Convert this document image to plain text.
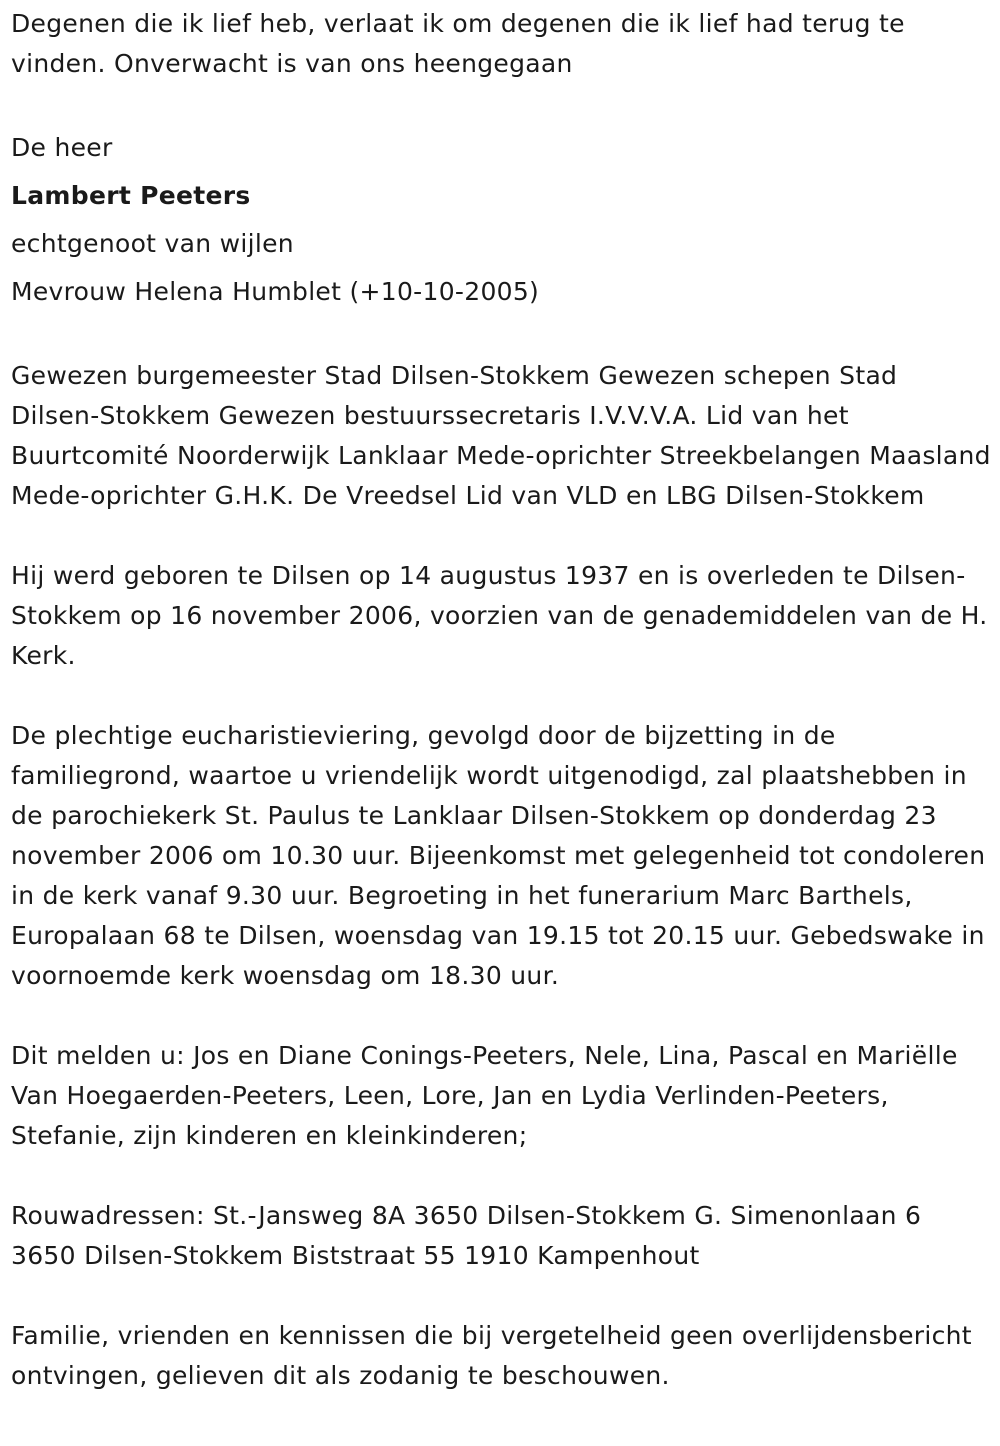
Degenen die ik lief heb, verlaat ik om degenen die ik lief had terug te vinden. Onverwacht is van ons heengegaan

De heer

Lambert Peeters

echtgenoot van wijlen

Mevrouw Helena Humblet (+10-10-2005)

Gewezen burgemeester Stad Dilsen-Stokkem Gewezen schepen Stad Dilsen-Stokkem Gewezen bestuurssecretaris I.V.V.V.A. Lid van het Buurtcomité Noorderwijk Lanklaar Mede-oprichter Streekbelangen Maasland Mede-oprichter G.H.K. De Vreedsel Lid van VLD en LBG Dilsen-Stokkem

Hij werd geboren te Dilsen op 14 augustus 1937 en is overleden te Dilsen-Stokkem op 16 november 2006, voorzien van de genademiddelen van de H. Kerk.

De plechtige eucharistieviering, gevolgd door de bijzetting in de familiegrond, waartoe u vriendelijk wordt uitgenodigd, zal plaatshebben in de parochiekerk St. Paulus te Lanklaar Dilsen-Stokkem op donderdag 23 november 2006 om 10.30 uur. Bijeenkomst met gelegenheid tot condoleren in de kerk vanaf 9.30 uur. Begroeting in het funerarium Marc Barthels, Europalaan 68 te Dilsen, woensdag van 19.15 tot 20.15 uur. Gebedswake in voornoemde kerk woensdag om 18.30 uur.

Dit melden u: Jos en Diane Conings-Peeters, Nele, Lina, Pascal en Mariëlle Van Hoegaerden-Peeters, Leen, Lore, Jan en Lydia Verlinden-Peeters, Stefanie, zijn kinderen en kleinkinderen;

Rouwadressen: St.-Jansweg 8A 3650 Dilsen-Stokkem G. Simenonlaan 6 3650 Dilsen-Stokkem Biststraat 55 1910 Kampenhout

Familie, vrienden en kennissen die bij vergetelheid geen overlijdensbericht ontvingen, gelieven dit als zodanig te beschouwen.
